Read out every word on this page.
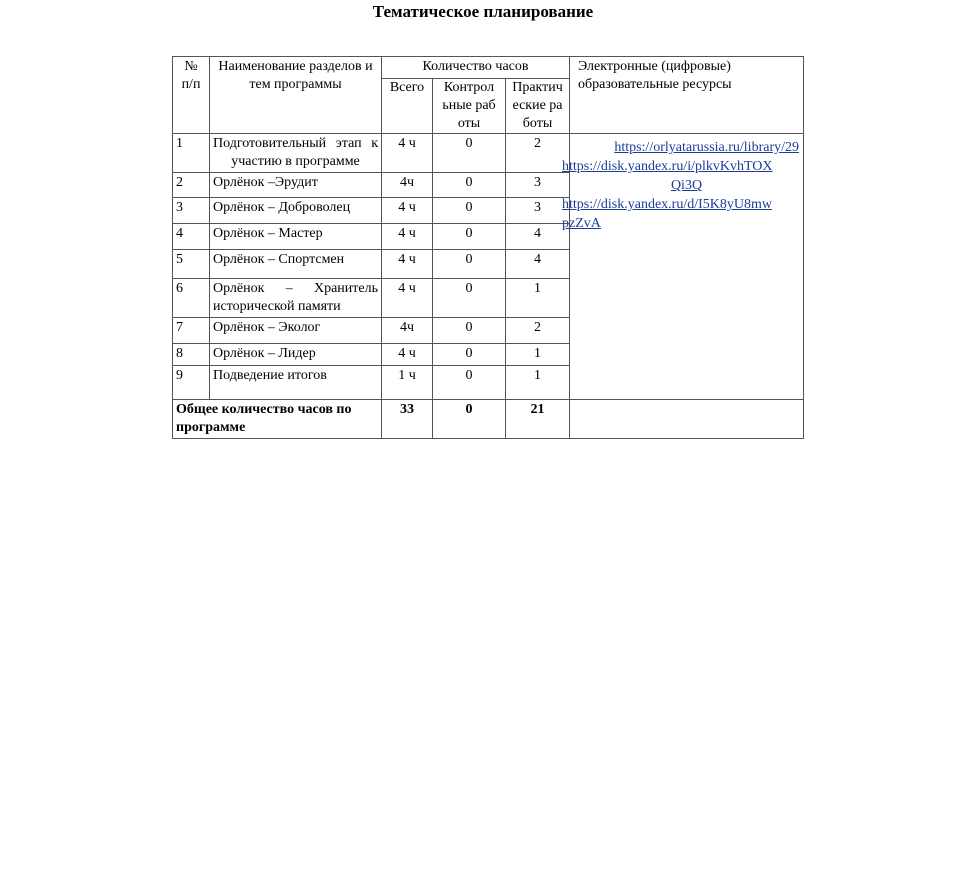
Тематическое планирование
№ п/п	Наименование разделов и тем программы	Количество часов			Электронные (цифровые) образовательные ресурсы
		Всего	Контрольные работы	Практические работы	
1	Подготовительный этап к участию в программе	4 ч	0	2	https://orlyatarussia.ru/library/29
https://disk.yandex.ru/i/plkvKvhTOX
Qi3Q
https://disk.yandex.ru/d/I5K8yU8mw
pzZvA

2	Орлёнок –Эрудит	4ч	0	3	
3	Орлёнок – Доброволец	4 ч	0	3	
4	Орлёнок – Мастер	4 ч	0	4	
5	Орлёнок – Спортсмен	4 ч	0	4	
6	Орлёнок – Хранитель исторической памяти	4 ч	0	1	
7	Орлёнок – Эколог	4ч	0	2	
8	Орлёнок – Лидер	4 ч	0	1	
9	Подведение итогов	1 ч	0	1	
Общее количество часов по программе		33	0	21	
